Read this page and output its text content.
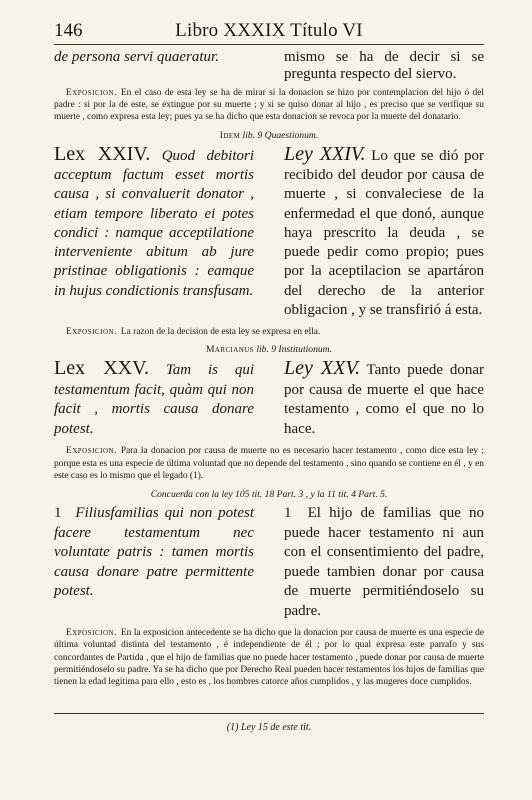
146	Libro XXXIX Título VI
de persona servi quaeratur.	mismo se ha de decir si se pregunta respecto del siervo.

Exposicion. En el caso de esta ley se ha de mirar si la donacion se hizo por contemplacion del hijo ó del padre : si por la de este, se extingue por su muerte ; y si se quiso donar al hijo , es preciso que se verifique su muerte , como expresa esta ley; pues ya se ha dicho que esta donacion se revoca por la muerte del donatario.

Idem lib. 9 Quaestionum.
Lex XXIV. Quod debitori acceptum factum esset mortis causa , si convaluerit donator , etiam tempore liberato ei potes condici : namque acceptilatione interveniente abitum ab jure pristinae obligationis : eamque in hujus condictionis transfusam.
Ley XXIV. Lo que se dió por recibido del deudor por causa de muerte , si convaleciese de la enfermedad el que donó, aunque haya prescrito la deuda , se puede pedir como propio; pues por la aceptilacion se apartáron del derecho de la anterior obligacion , y se transfirió á esta.

Exposicion. La razon de la decision de esta ley se expresa en ella.

Marcianus lib. 9 Institutionum.
Lex XXV. Tam is qui testamentum facit, quàm qui non facit , mortis causa donare potest.
Ley XXV. Tanto puede donar por causa de muerte el que hace testamento , como el que no lo hace.

Exposicion. Para la donacion por causa de muerte no es necesario hacer testamento , como dice esta ley ; porque esta es una especie de última voluntad que no depende del testamento , sino quando se contiene en él , y en este caso es lo mismo que el legado (1).

Concuerda con la ley 105 tit. 18 Part. 3 , y la 11 tit. 4 Part. 5.
1 Filiusfamilias qui non potest facere testamentum nec voluntate patris : tamen mortis causa donare patre permittente potest.
1 El hijo de familias que no puede hacer testamento ni aun con el consentimiento del padre, puede tambien donar por causa de muerte permitiéndoselo su padre.

Exposicion. En la exposicion antecedente se ha dicho que la donacion por causa de muerte es una especie de última voluntad distinta del testamento , é independiente de él ; por lo qual expresa este parrafo y sus concordantes de Partida , que el hijo de familias que no puede hacer testamento , puede donar por causa de muerte permitiéndoselo su padre. Ya se ha dicho que por Derecho Real pueden hacer testamentos los hijos de familias que tienen la edad legítima para ello , esto es , los hombres catorce años cumplidos , y las mugeres doce cumplidos.

(1) Ley 15 de este tit.
